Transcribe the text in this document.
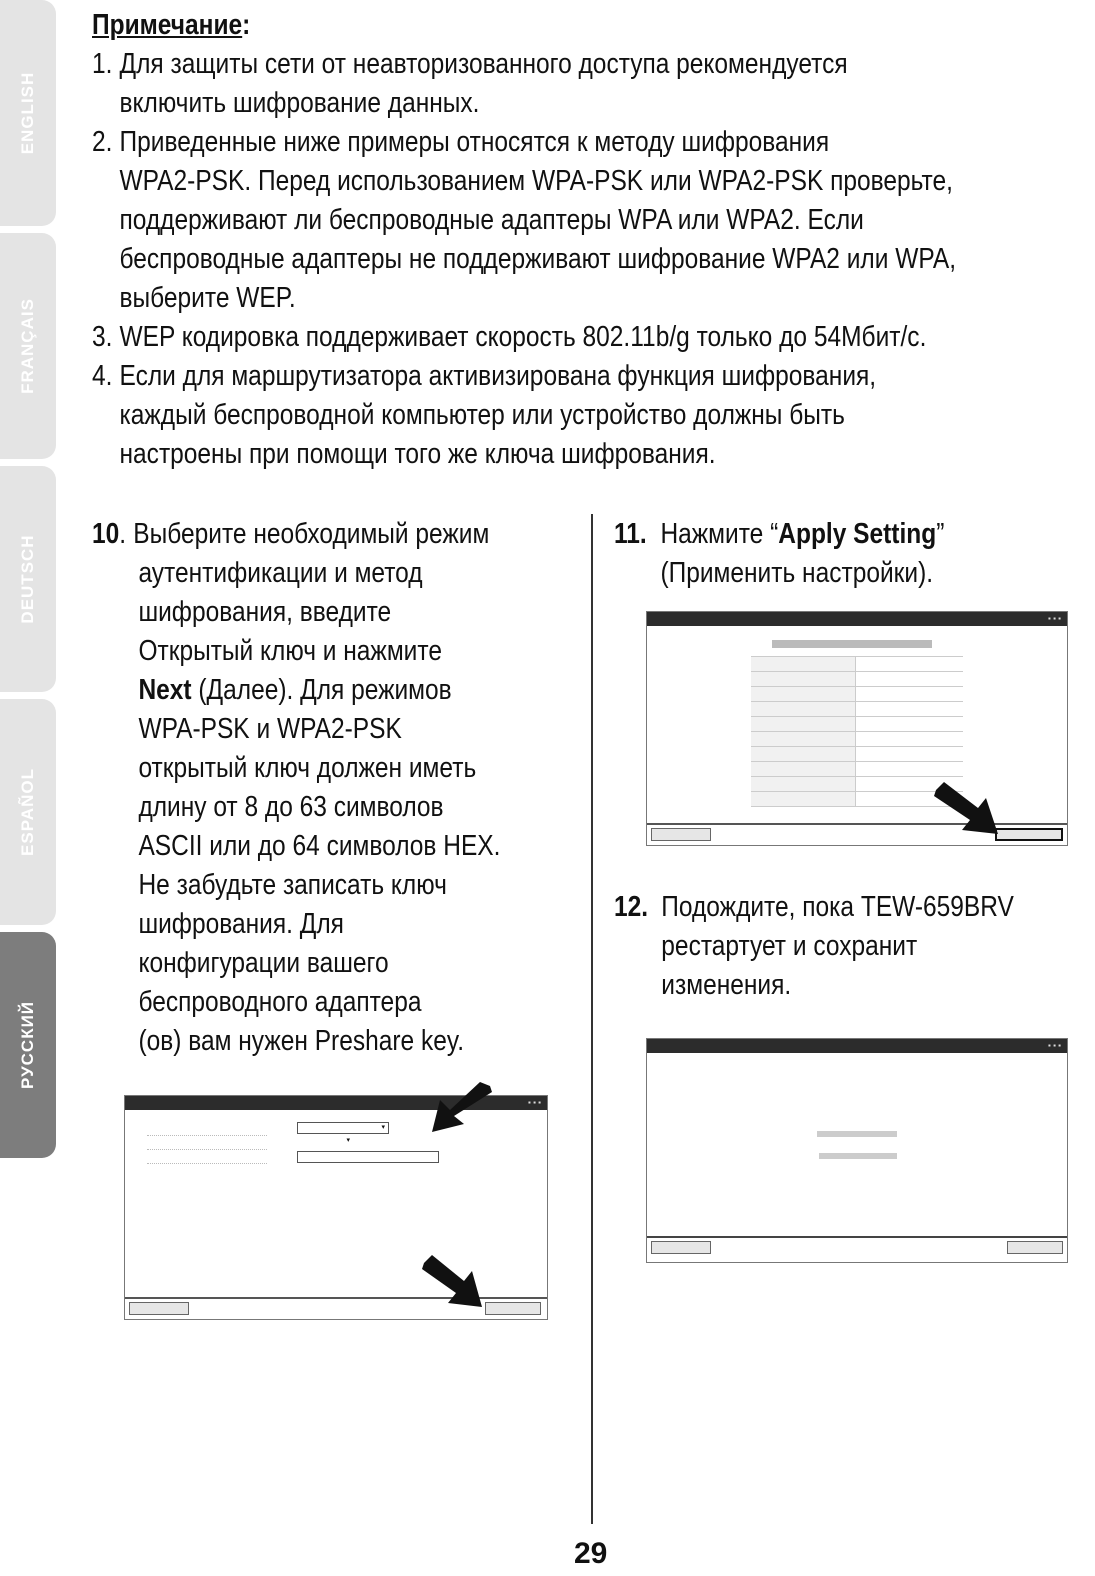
ENGLISH
FRANÇAIS
DEUTSCH
ESPAÑOL
РУССКИЙ
Примечание:
1. Для защиты сети от неавторизованного доступа рекомендуется
включить шифрование данных.
2. Приведенные ниже примеры относятся к методу шифрования
WPA2-PSK. Перед использованием WPA-PSK или WPA2-PSK проверьте,
поддерживают ли беспроводные адаптеры WPA или WPA2. Если
беспроводные адаптеры не поддерживают шифрование WPA2 или WPA,
выберите WEP.
3. WEP кодировка поддерживает скорость 802.11b/g только до 54Мбит/с.
4. Если для маршрутизатора активизирована функция шифрования,
каждый беспроводной компьютер или устройство должны быть
настроены при помощи того же ключа шифрования.
10. Выберите необходимый режим
аутентификации и метод
шифрования, введите
Открытый ключ и нажмите
Next (Далее). Для режимов
WPA-PSK и WPA2-PSK
открытый ключ должен иметь
длину от 8 до 63 символов
ASCII или до 64 символов HEX.
Не забудьте записать ключ
шифрования. Для
конфигурации вашего
беспроводного адаптера
(ов) вам нужен Preshare key.
▪ ▪ ▪
▾
▾
11. Нажмите “Apply Setting”
(Применить настройки).
▪ ▪ ▪
12. Подождите, пока TEW-659BRV
рестартует и сохранит
изменения.
▪ ▪ ▪
29
